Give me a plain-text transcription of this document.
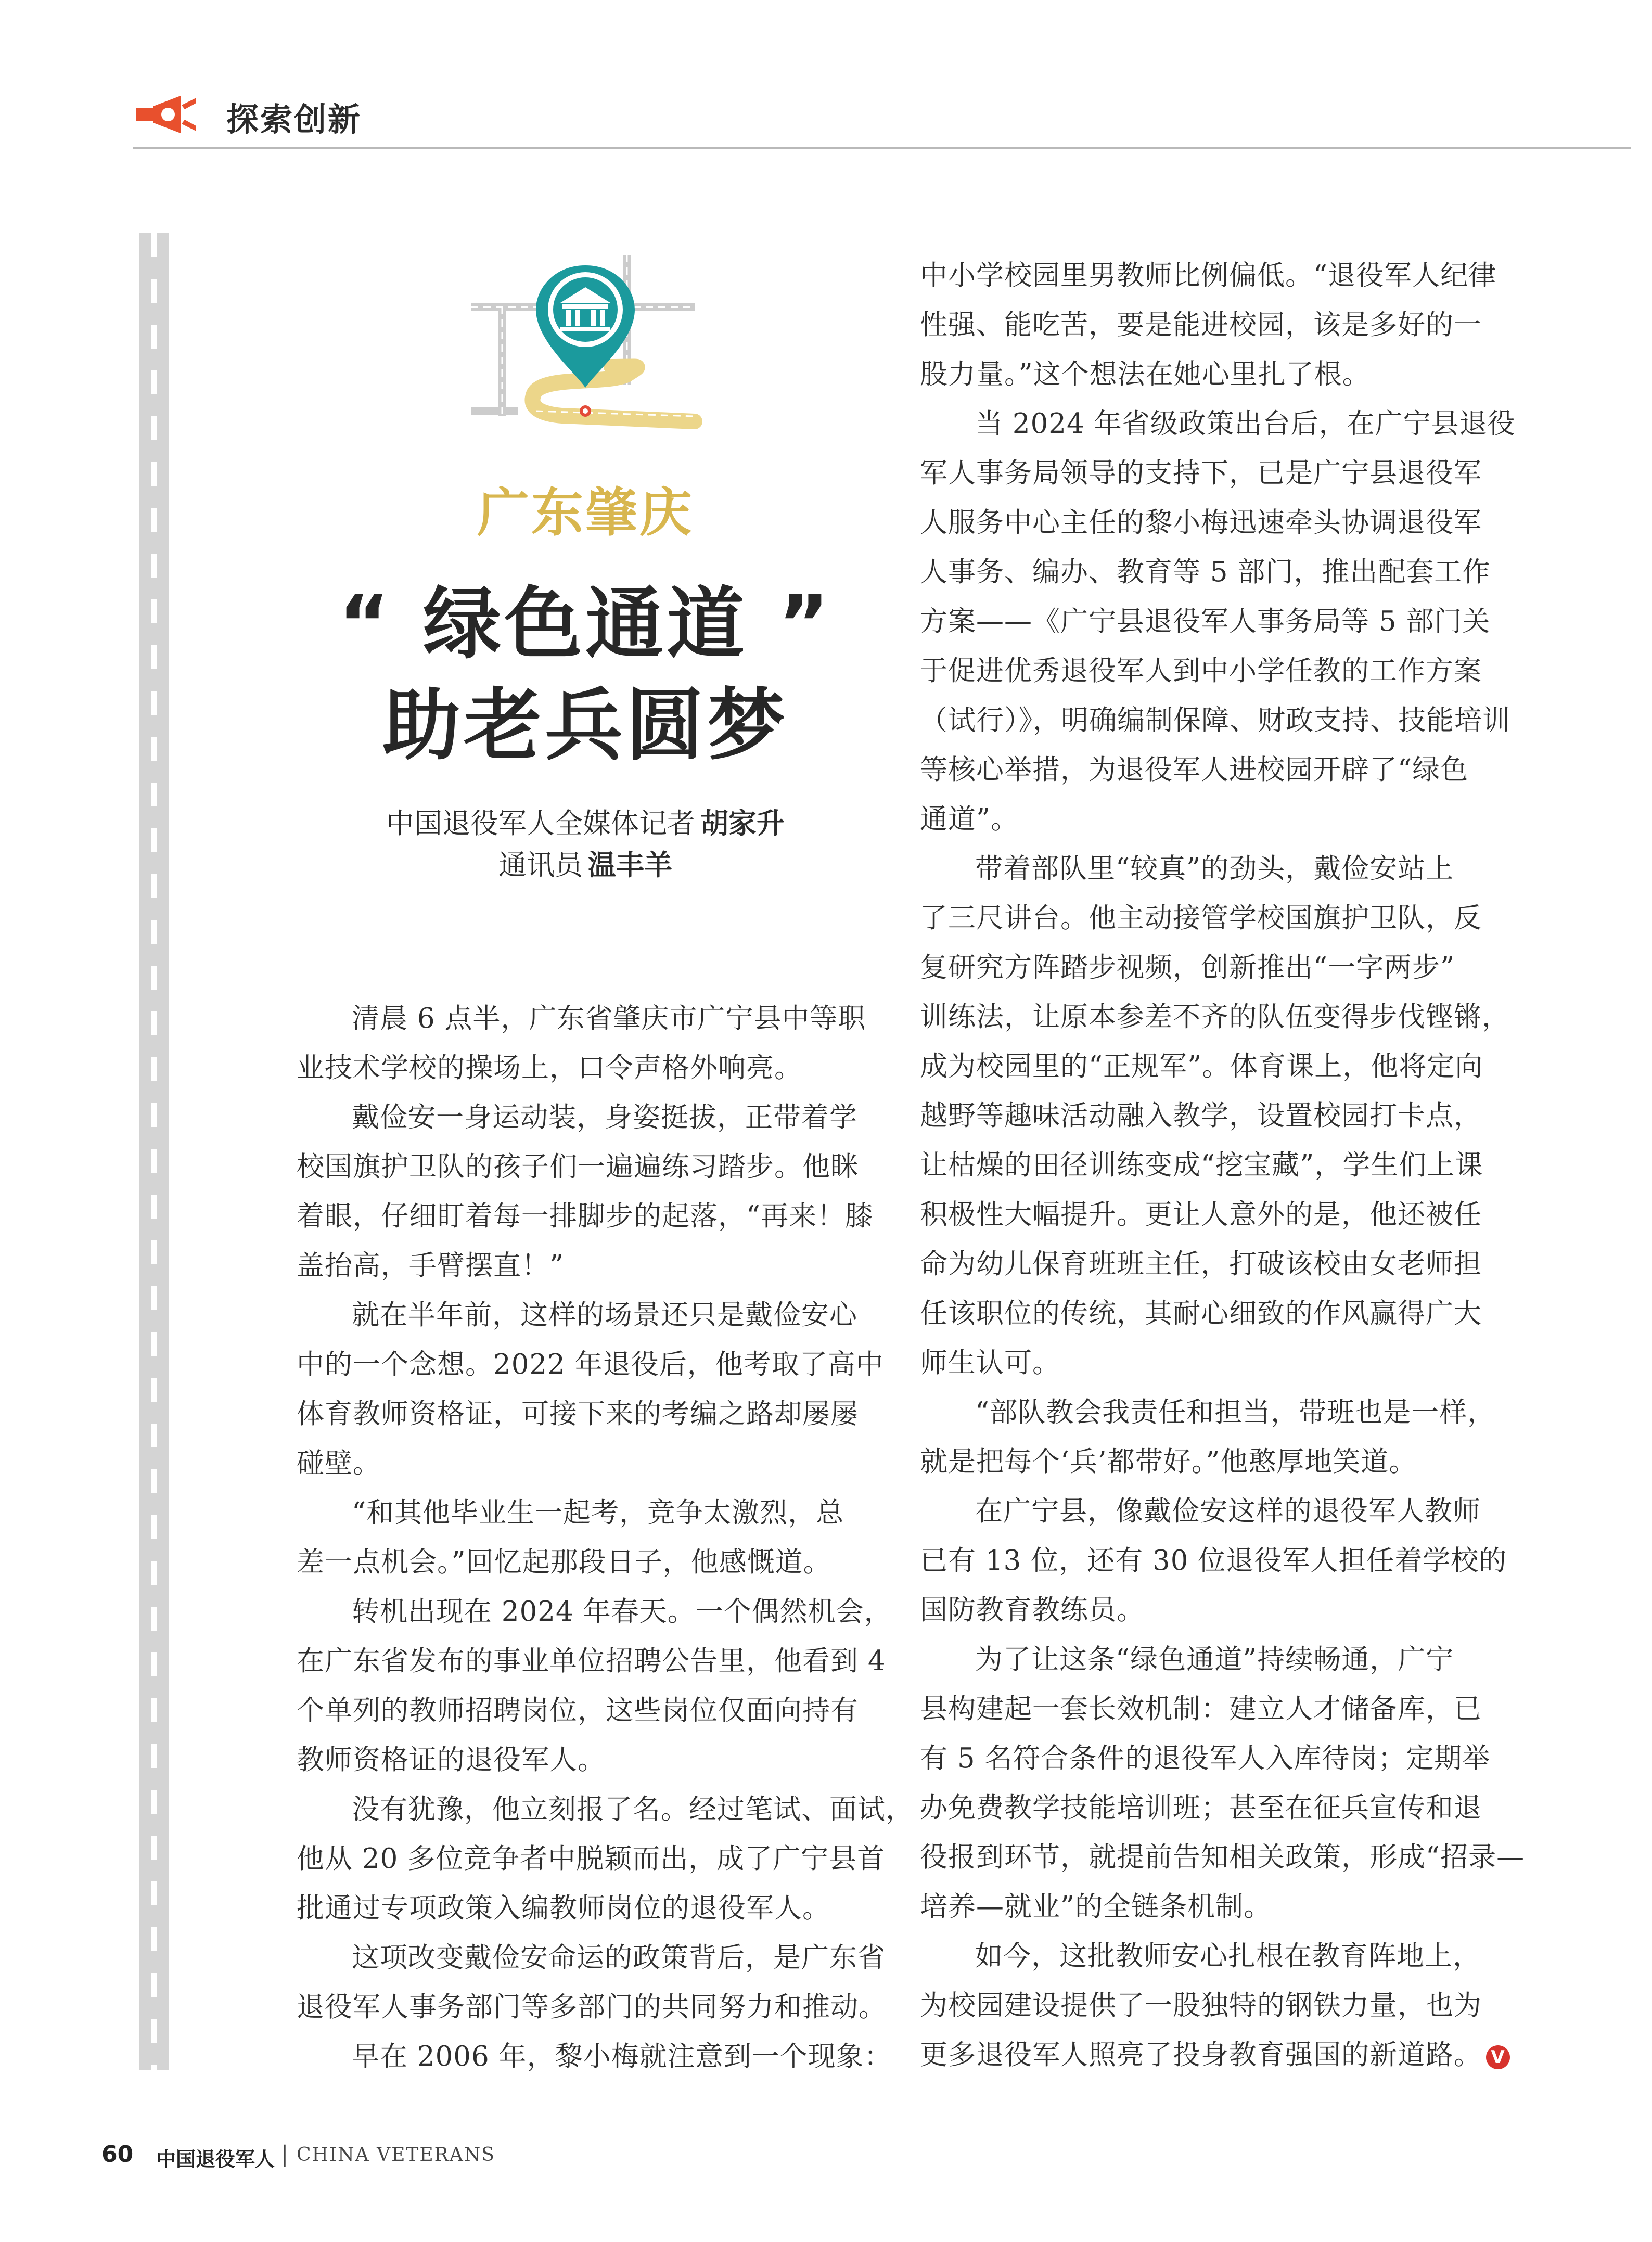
探索创新
广东肇庆
“ 绿色通道 ”
助老兵圆梦
中国退役军人全媒体记者 胡家升
通讯员 温丰羊
清晨 6 点半，广东省肇庆市广宁县中等职
业技术学校的操场上，口令声格外响亮。
戴俭安一身运动装，身姿挺拔，正带着学
校国旗护卫队的孩子们一遍遍练习踏步。他眯
着眼，仔细盯着每一排脚步的起落，“再来！膝
盖抬高，手臂摆直！”
就在半年前，这样的场景还只是戴俭安心
中的一个念想。2022 年退役后，他考取了高中
体育教师资格证，可接下来的考编之路却屡屡
碰壁。
“和其他毕业生一起考，竞争太激烈，总
差一点机会。”回忆起那段日子，他感慨道。
转机出现在 2024 年春天。一个偶然机会，
在广东省发布的事业单位招聘公告里，他看到 4
个单列的教师招聘岗位，这些岗位仅面向持有
教师资格证的退役军人。
没有犹豫，他立刻报了名。经过笔试、面试，
他从 20 多位竞争者中脱颖而出，成了广宁县首
批通过专项政策入编教师岗位的退役军人。
这项改变戴俭安命运的政策背后，是广东省
退役军人事务部门等多部门的共同努力和推动。
早在 2006 年，黎小梅就注意到一个现象：
中小学校园里男教师比例偏低。“退役军人纪律
性强、能吃苦，要是能进校园，该是多好的一
股力量。”这个想法在她心里扎了根。
当 2024 年省级政策出台后，在广宁县退役
军人事务局领导的支持下，已是广宁县退役军
人服务中心主任的黎小梅迅速牵头协调退役军
人事务、编办、教育等 5 部门，推出配套工作
方案——《广宁县退役军人事务局等 5 部门关
于促进优秀退役军人到中小学任教的工作方案
（试行）》，明确编制保障、财政支持、技能培训
等核心举措，为退役军人进校园开辟了“绿色
通道”。
带着部队里“较真”的劲头，戴俭安站上
了三尺讲台。他主动接管学校国旗护卫队，反
复研究方阵踏步视频，创新推出“一字两步”
训练法，让原本参差不齐的队伍变得步伐铿锵，
成为校园里的“正规军”。体育课上，他将定向
越野等趣味活动融入教学，设置校园打卡点，
让枯燥的田径训练变成“挖宝藏”，学生们上课
积极性大幅提升。更让人意外的是，他还被任
命为幼儿保育班班主任，打破该校由女老师担
任该职位的传统，其耐心细致的作风赢得广大
师生认可。
“部队教会我责任和担当，带班也是一样，
就是把每个‘兵’都带好。”他憨厚地笑道。
在广宁县，像戴俭安这样的退役军人教师
已有 13 位，还有 30 位退役军人担任着学校的
国防教育教练员。
为了让这条“绿色通道”持续畅通，广宁
县构建起一套长效机制：建立人才储备库，已
有 5 名符合条件的退役军人入库待岗；定期举
办免费教学技能培训班；甚至在征兵宣传和退
役报到环节，就提前告知相关政策，形成“招录—
培养—就业”的全链条机制。
如今，这批教师安心扎根在教育阵地上，
为校园建设提供了一股独特的钢铁力量，也为
更多退役军人照亮了投身教育强国的新道路。 V
60 中国退役军人 | CHINA VETERANS
